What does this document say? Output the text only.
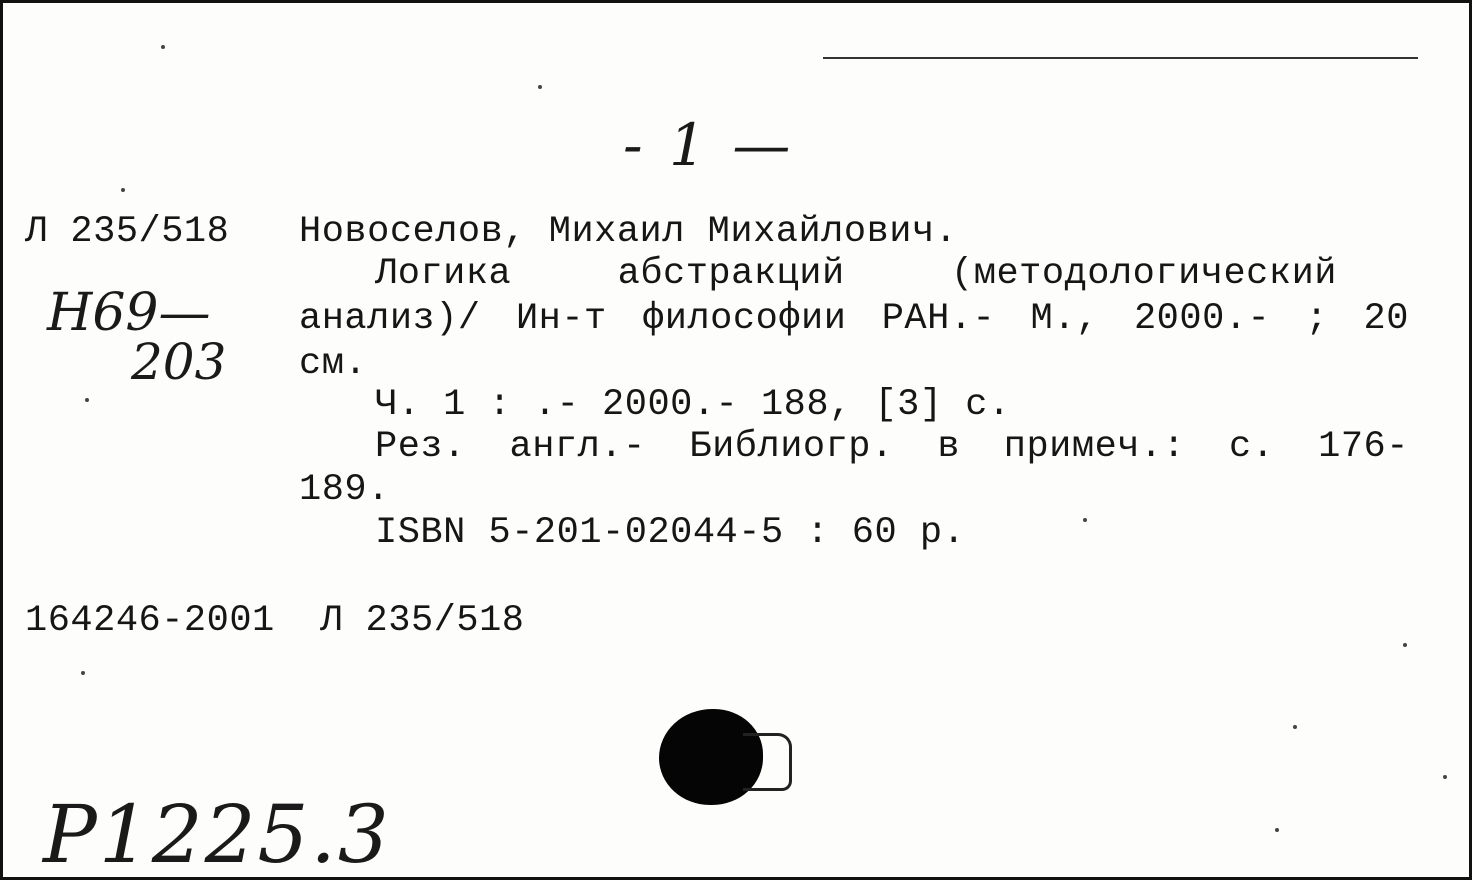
- 1 —
Л 235/518
Н69—
203
Новоселов, Михаил Михайлович.
Логика	абстракций	(методологический
анализ)/ Ин-т философии РАН.- М., 2000.- ; 20
см.
Ч. 1 : .- 2000.- 188, [3] с.
Рез. англ.- Библиогр. в примеч.: с. 176-
189.
ISBN 5-201-02044-5 : 60 р.
164246-2001  Л 235/518
Р1225.3
